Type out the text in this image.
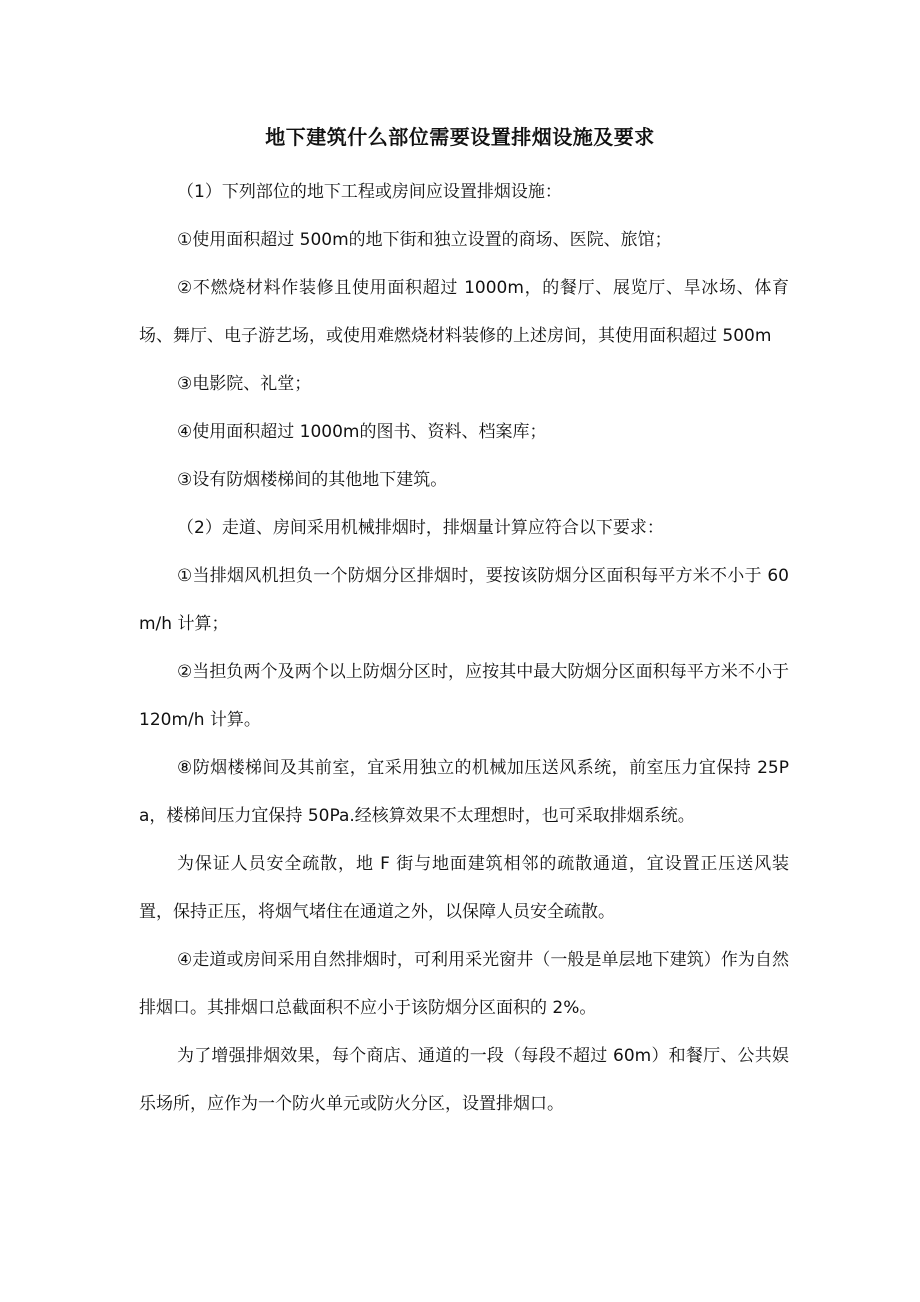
地下建筑什么部位需要设置排烟设施及要求

（1）下列部位的地下工程或房间应设置排烟设施：

①使用面积超过 500m的地下街和独立设置的商场、医院、旅馆；

②不燃烧材料作装修且使用面积超过 1000m，的餐厅、展览厅、旱冰场、体育场、舞厅、电子游艺场，或使用难燃烧材料装修的上述房间，其使用面积超过 500m

③电影院、礼堂；

④使用面积超过 1000m的图书、资料、档案库；

③设有防烟楼梯间的其他地下建筑。

（2）走道、房间采用机械排烟时，排烟量计算应符合以下要求：

①当排烟风机担负一个防烟分区排烟时，要按该防烟分区面积每平方米不小于 60m/h 计算；

②当担负两个及两个以上防烟分区时，应按其中最大防烟分区面积每平方米不小于 120m/h 计算。

⑧防烟楼梯间及其前室，宜采用独立的机械加压送风系统，前室压力宜保持 25Pa，楼梯间压力宜保持 50Pa.经核算效果不太理想时，也可采取排烟系统。

为保证人员安全疏散，地 F 街与地面建筑相邻的疏散通道，宜设置正压送风装置，保持正压，将烟气堵住在通道之外，以保障人员安全疏散。

④走道或房间采用自然排烟时，可利用采光窗井（一般是单层地下建筑）作为自然排烟口。其排烟口总截面积不应小于该防烟分区面积的 2%。

为了增强排烟效果，每个商店、通道的一段（每段不超过 60m）和餐厅、公共娱乐场所，应作为一个防火单元或防火分区，设置排烟口。
